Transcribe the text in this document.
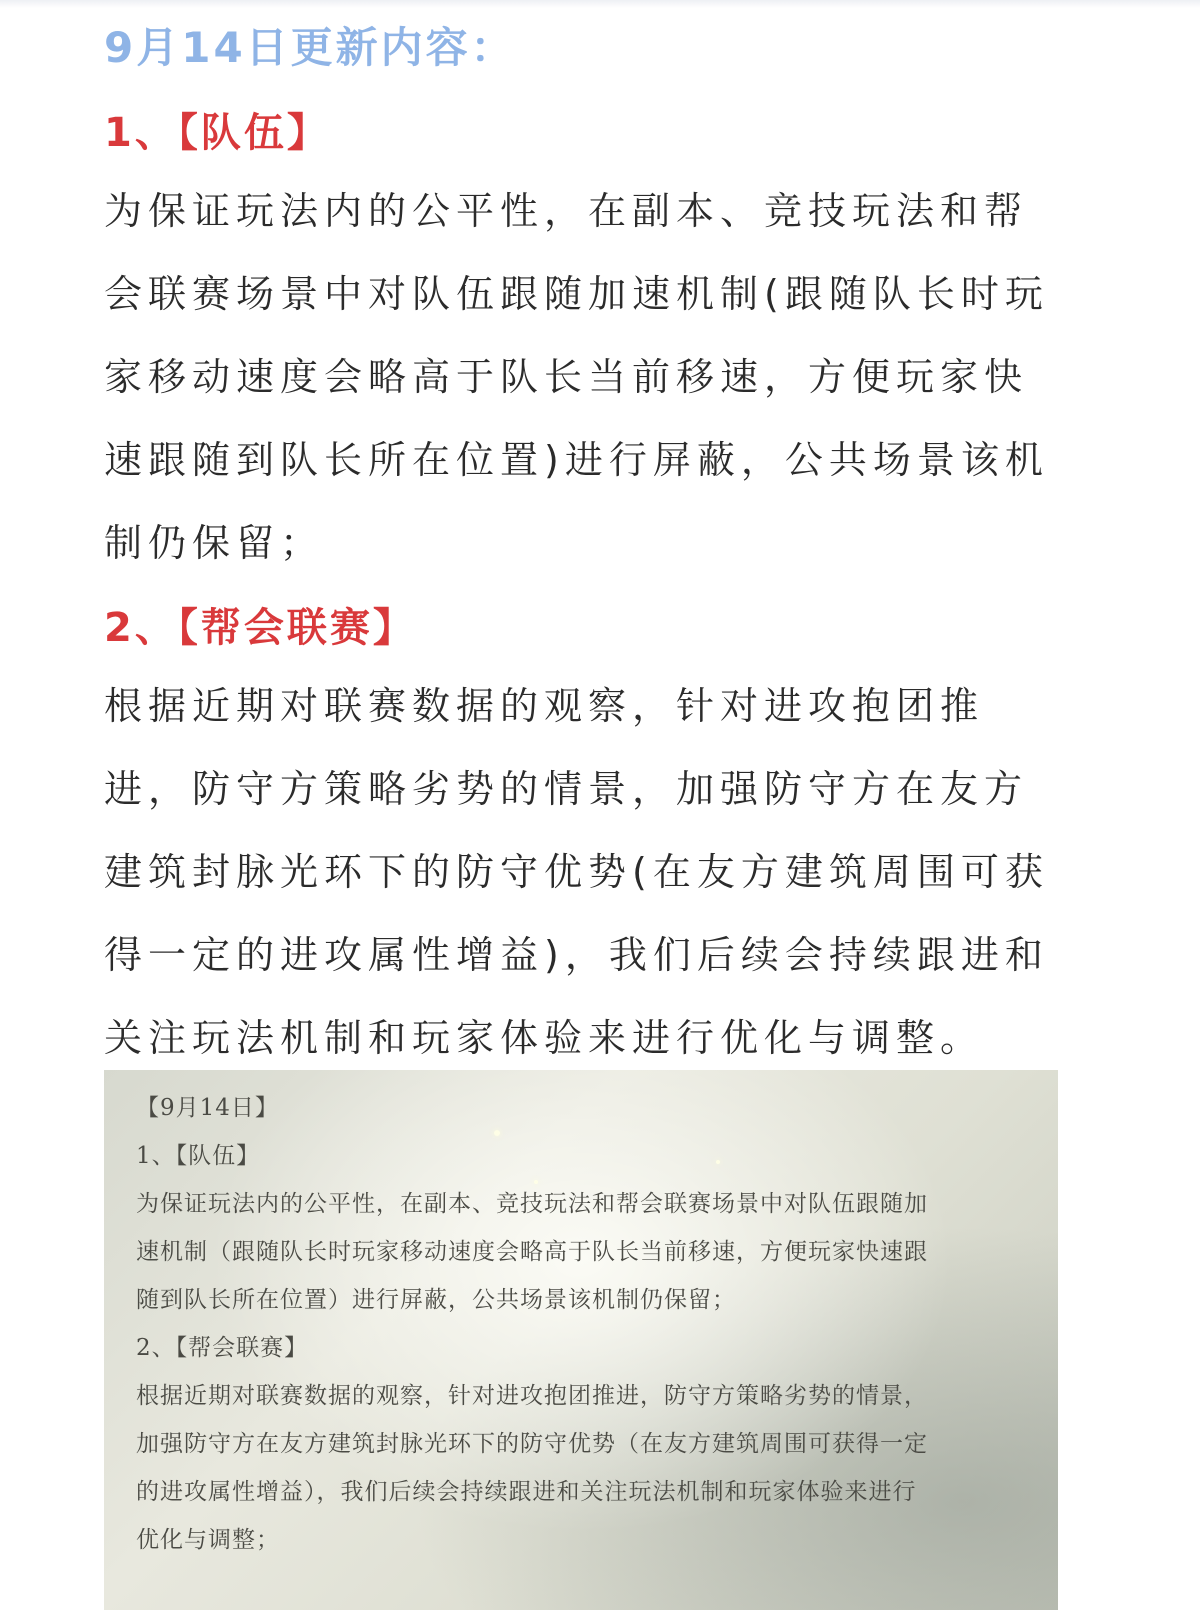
9月14日更新内容：
1、【队伍】

为保证玩法内的公平性，在副本、竞技玩法和帮会联赛场景中对队伍跟随加速机制(跟随队长时玩家移动速度会略高于队长当前移速，方便玩家快速跟随到队长所在位置)进行屏蔽，公共场景该机制仍保留；

2、【帮会联赛】

根据近期对联赛数据的观察，针对进攻抱团推进，防守方策略劣势的情景，加强防守方在友方建筑封脉光环下的防守优势(在友方建筑周围可获得一定的进攻属性增益)，我们后续会持续跟进和关注玩法机制和玩家体验来进行优化与调整。

【9月14日】

1、【队伍】

为保证玩法内的公平性，在副本、竞技玩法和帮会联赛场景中对队伍跟随加

速机制（跟随队长时玩家移动速度会略高于队长当前移速，方便玩家快速跟

随到队长所在位置）进行屏蔽，公共场景该机制仍保留；

2、【帮会联赛】

根据近期对联赛数据的观察，针对进攻抱团推进，防守方策略劣势的情景，

加强防守方在友方建筑封脉光环下的防守优势（在友方建筑周围可获得一定

的进攻属性增益），我们后续会持续跟进和关注玩法机制和玩家体验来进行

优化与调整；
